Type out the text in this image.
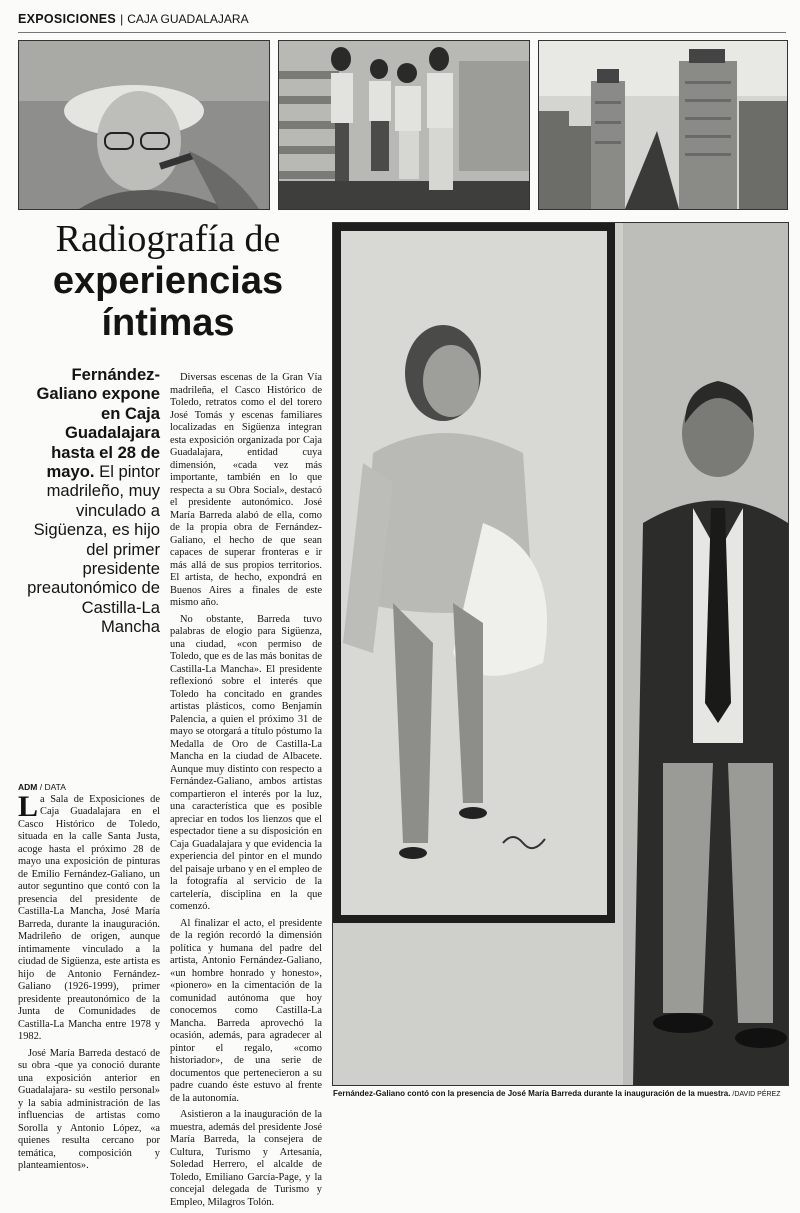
EXPOSICIONES | CAJA GUADALAJARA
Radiografía de
experiencias
íntimas
Fernández-Galiano expone en Caja Guadalajara hasta el 28 de mayo. El pintor madrileño, muy vinculado a Sigüenza, es hijo del primer presidente preautonómico de Castilla-La Mancha
ADM / DATA

La Sala de Exposiciones de Caja Guadalajara en el Casco Histórico de Toledo, situada en la calle Santa Justa, acoge hasta el próximo 28 de mayo una exposición de pinturas de Emilio Fernández-Galiano, un autor seguntino que contó con la presencia del presidente de Castilla-La Mancha, José María Barreda, durante la inauguración. Madrileño de origen, aunque íntimamente vinculado a la ciudad de Sigüenza, este artista es hijo de Antonio Fernández-Galiano (1926-1999), primer presidente preautonómico de la Junta de Comunidades de Castilla-La Mancha entre 1978 y 1982.

José María Barreda destacó de su obra -que ya conoció durante una exposición anterior en Guadalajara- su «estilo personal» y la sabia administración de las influencias de artistas como Sorolla y Antonio López, «a quienes resulta cercano por temática, composición y planteamientos».

Diversas escenas de la Gran Vía madrileña, el Casco Histórico de Toledo, retratos como el del torero José Tomás y escenas familiares localizadas en Sigüenza integran esta exposición organizada por Caja Guadalajara, entidad cuya dimensión, «cada vez más importante, también en lo que respecta a su Obra Social», destacó el presidente autonómico. José María Barreda alabó de ella, como de la propia obra de Fernández-Galiano, el hecho de que sean capaces de superar fronteras e ir más allá de sus propios territorios. El artista, de hecho, expondrá en Buenos Aires a finales de este mismo año.

No obstante, Barreda tuvo palabras de elogio para Sigüenza, una ciudad, «con permiso de Toledo, que es de las más bonitas de Castilla-La Mancha». El presidente reflexionó sobre el interés que Toledo ha concitado en grandes artistas plásticos, como Benjamín Palencia, a quien el próximo 31 de mayo se otorgará a título póstumo la Medalla de Oro de Castilla-La Mancha en la ciudad de Albacete. Aunque muy distinto con respecto a Fernández-Galiano, ambos artistas compartieron el interés por la luz, una característica que es posible apreciar en todos los lienzos que el espectador tiene a su disposición en Caja Guadalajara y que evidencia la experiencia del pintor en el mundo del paisaje urbano y en el empleo de la fotografía al servicio de la cartelería, disciplina en la que comenzó.

Al finalizar el acto, el presidente de la región recordó la dimensión política y humana del padre del artista, Antonio Fernández-Galiano, «un hombre honrado y honesto», «pionero» en la cimentación de la comunidad autónoma que hoy conocemos como Castilla-La Mancha. Barreda aprovechó la ocasión, además, para agradecer al pintor el regalo, «como historiador», de una serie de documentos que pertenecieron a su padre cuando éste estuvo al frente de la autonomía.

Asistieron a la inauguración de la muestra, además del presidente José María Barreda, la consejera de Cultura, Turismo y Artesanía, Soledad Herrero, el alcalde de Toledo, Emiliano García-Page, y la concejal delegada de Turismo y Empleo, Milagros Tolón.

Fernández-Galiano contó con la presencia de José María Barreda durante la inauguración de la muestra. /DAVID PÉREZ
